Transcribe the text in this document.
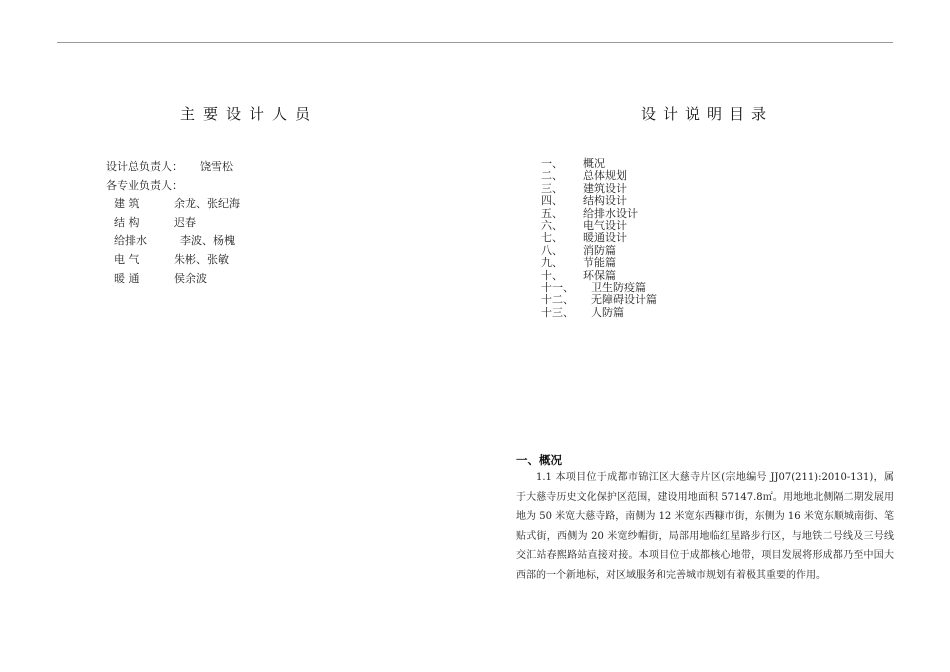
主要设计人员
设计总负责人： 饶雪松
各专业负责人：
建 筑	余龙、张纪海
结 构	迟春
给排水	李波、杨槐
电 气	朱彬、张敏
暖 通	侯余波
设计说明目录
一、 概况
二、 总体规划
三、 建筑设计
四、 结构设计
五、 给排水设计
六、 电气设计
七、 暖通设计
八、 消防篇
九、 节能篇
十、 环保篇
十一、 卫生防疫篇
十二、 无障碍设计篇
十三、 人防篇
一、概况
1.1 本项目位于成都市锦江区大慈寺片区(宗地编号 JJ07(211):2010-131)，属于大慈寺历史文化保护区范围，建设用地面积 57147.8㎡。用地地北侧隔二期发展用地为 50 米宽大慈寺路，南侧为 12 米宽东西糠市街，东侧为 16 米宽东顺城南街、笔贴式街，西侧为 20 米宽纱帽街，局部用地临红星路步行区，与地铁二号线及三号线交汇站春熙路站直接对接。本项目位于成都核心地带，项目发展将形成都乃至中国大西部的一个新地标，对区域服务和完善城市规划有着极其重要的作用。
